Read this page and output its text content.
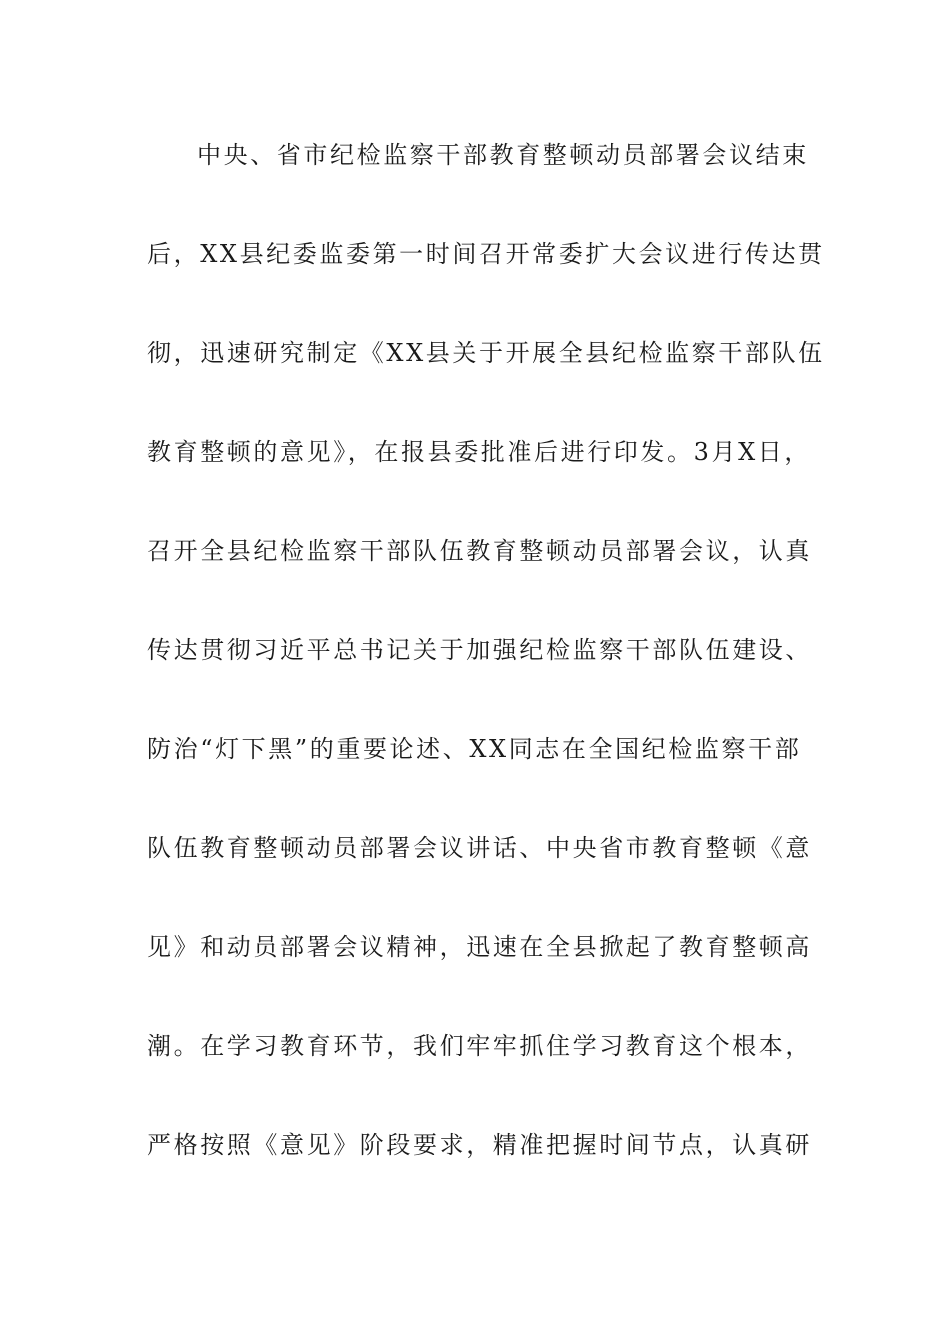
中央、省市纪检监察干部教育整顿动员部署会议结束
后，XX县纪委监委第一时间召开常委扩大会议进行传达贯
彻，迅速研究制定《XX县关于开展全县纪检监察干部队伍
教育整顿的意见》，在报县委批准后进行印发。3月X日，
召开全县纪检监察干部队伍教育整顿动员部署会议，认真
传达贯彻习近平总书记关于加强纪检监察干部队伍建设、
防治“灯下黑”的重要论述、XX同志在全国纪检监察干部
队伍教育整顿动员部署会议讲话、中央省市教育整顿《意
见》和动员部署会议精神，迅速在全县掀起了教育整顿高
潮。在学习教育环节，我们牢牢抓住学习教育这个根本，
严格按照《意见》阶段要求，精准把握时间节点，认真研
